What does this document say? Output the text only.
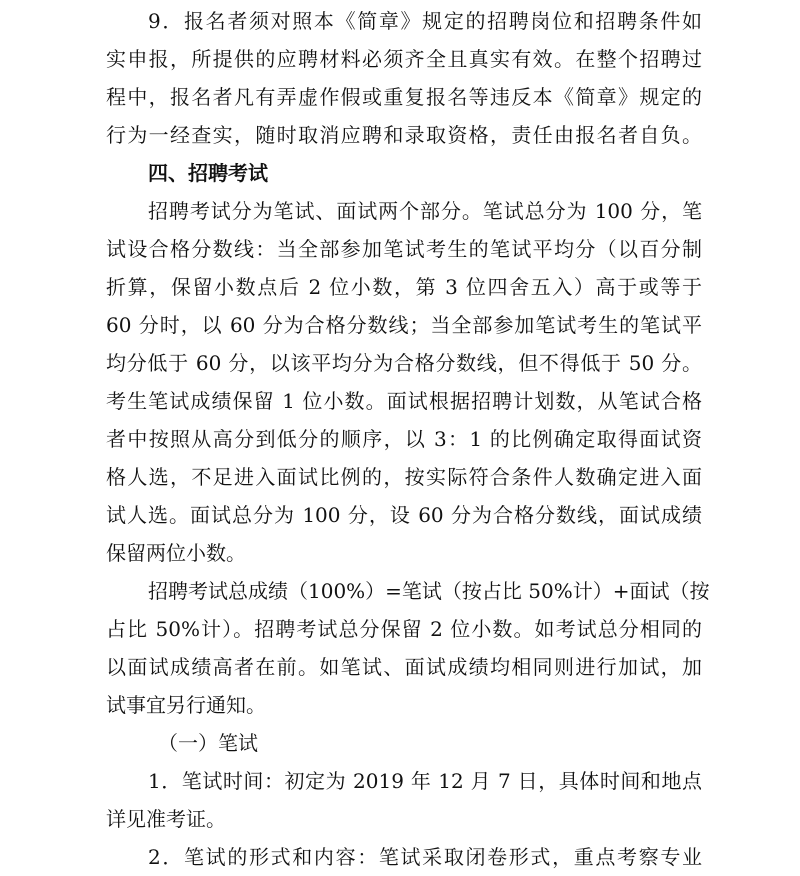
9．报名者须对照本《简章》规定的招聘岗位和招聘条件如
实申报，所提供的应聘材料必须齐全且真实有效。在整个招聘过
程中，报名者凡有弄虚作假或重复报名等违反本《简章》规定的
行为一经查实，随时取消应聘和录取资格，责任由报名者自负。
四、招聘考试
招聘考试分为笔试、面试两个部分。笔试总分为 100 分，笔
试设合格分数线：当全部参加笔试考生的笔试平均分（以百分制
折算，保留小数点后 2 位小数，第 3 位四舍五入）高于或等于
60 分时，以 60 分为合格分数线；当全部参加笔试考生的笔试平
均分低于 60 分，以该平均分为合格分数线，但不得低于 50 分。
考生笔试成绩保留 1 位小数。面试根据招聘计划数，从笔试合格
者中按照从高分到低分的顺序，以 3：1 的比例确定取得面试资
格人选，不足进入面试比例的，按实际符合条件人数确定进入面
试人选。面试总分为 100 分，设 60 分为合格分数线，面试成绩
保留两位小数。
招聘考试总成绩（100%）=笔试（按占比 50%计）+面试（按
占比 50%计）。招聘考试总分保留 2 位小数。如考试总分相同的
以面试成绩高者在前。如笔试、面试成绩均相同则进行加试，加
试事宜另行通知。
（一）笔试
1．笔试时间：初定为 2019 年 12 月 7 日，具体时间和地点
详见准考证。
2．笔试的形式和内容：笔试采取闭卷形式，重点考察专业
